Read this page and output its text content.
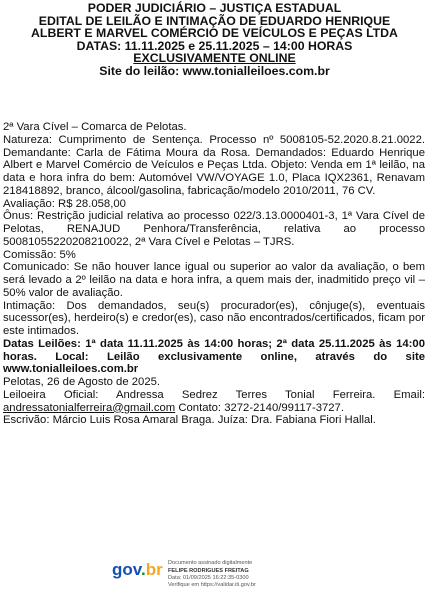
PODER JUDICIÁRIO – JUSTIÇA ESTADUAL
EDITAL DE LEILÃO E INTIMAÇÃO DE EDUARDO HENRIQUE
ALBERT E MARVEL COMÉRCIO DE VEÍCULOS E PEÇAS LTDA
DATAS: 11.11.2025 e 25.11.2025 – 14:00 HORAS
EXCLUSIVAMENTE ONLINE
Site do leilão: www.tonialleiloes.com.br

2ª Vara Cível – Comarca de Pelotas.

Natureza: Cumprimento de Sentença. Processo nº 5008105-52.2020.8.21.0022. Demandante: Carla de Fátima Moura da Rosa. Demandados: Eduardo Henrique Albert e Marvel Comércio de Veículos e Peças Ltda. Objeto: Venda em 1ª leilão, na data e hora infra do bem: Automóvel VW/VOYAGE 1.0, Placa IQX2361, Renavam 218418892, branco, álcool/gasolina, fabricação/modelo 2010/2011, 76 CV.

Avaliação: R$ 28.058,00

Ônus: Restrição judicial relativa ao processo 022/3.13.0000401-3, 1ª Vara Cível de Pelotas, RENAJUD Penhora/Transferência, relativa ao processo 50081055220208210022, 2ª Vara Cível e Pelotas – TJRS.

Comissão: 5%

Comunicado: Se não houver lance igual ou superior ao valor da avaliação, o bem será levado a 2º leilão na data e hora infra, a quem mais der, inadmitido preço vil – 50% valor de avaliação.

Intimação: Dos demandados, seu(s) procurador(es), cônjuge(s), eventuais sucessor(es), herdeiro(s) e credor(es), caso não encontrados/certificados, ficam por este intimados.

Datas Leilões: 1ª data 11.11.2025 às 14:00 horas; 2ª data 25.11.2025 às 14:00 horas. Local: Leilão exclusivamente online, através do site www.tonialleiloes.com.br

Pelotas, 26 de Agosto de 2025.

Leiloeira Oficial: Andressa Sedrez Terres Tonial Ferreira. Email: andressatonialferreira@gmail.com Contato: 3272-2140/99117-3727.

Escrivão: Márcio Luis Rosa Amaral Braga. Juíza: Dra. Fabiana Fiori Hallal.

gov.br Documento assinado digitalmente
FELIPE RODRIGUES FREITAG
Data: 01/09/2025 16:22:35-0300
Verifique em https://validar.iti.gov.br
